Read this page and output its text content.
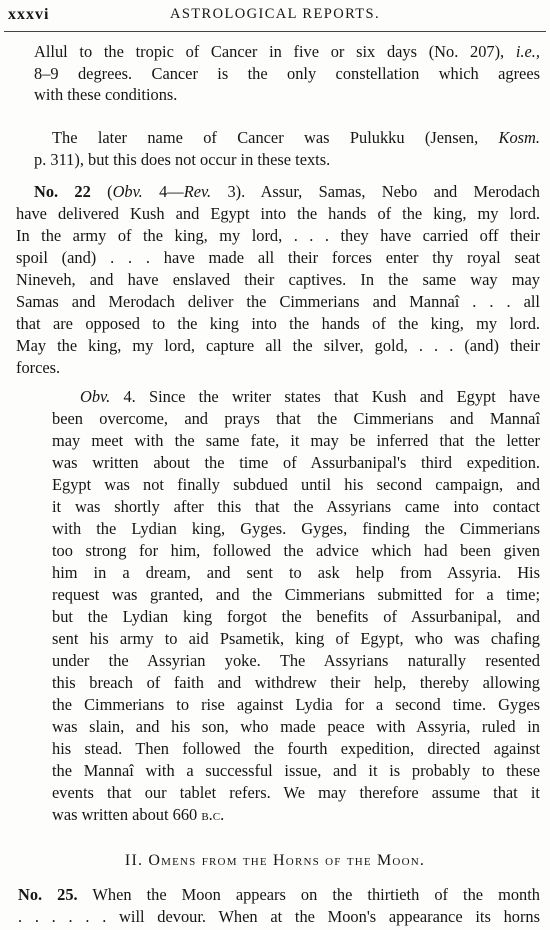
xxxvi	ASTROLOGICAL REPORTS.
Allul to the tropic of Cancer in five or six days (No. 207), i.e.,
8–9 degrees. Cancer is the only constellation which agrees
with these conditions.
The later name of Cancer was Pulukku (Jensen, Kosm.
p. 311), but this does not occur in these texts.
No. 22 (Obv. 4—Rev. 3). Assur, Samas, Nebo and Merodach
have delivered Kush and Egypt into the hands of the king, my lord.
In the army of the king, my lord, . . . they have carried off their
spoil (and) . . . have made all their forces enter thy royal seat
Nineveh, and have enslaved their captives. In the same way may
Samas and Merodach deliver the Cimmerians and Mannaî . . . all
that are opposed to the king into the hands of the king, my lord.
May the king, my lord, capture all the silver, gold, . . . (and) their
forces.
Obv. 4. Since the writer states that Kush and Egypt have
been overcome, and prays that the Cimmerians and Mannaî
may meet with the same fate, it may be inferred that the letter
was written about the time of Assurbanipal's third expedition.
Egypt was not finally subdued until his second campaign, and
it was shortly after this that the Assyrians came into contact
with the Lydian king, Gyges. Gyges, finding the Cimmerians
too strong for him, followed the advice which had been given
him in a dream, and sent to ask help from Assyria. His
request was granted, and the Cimmerians submitted for a time;
but the Lydian king forgot the benefits of Assurbanipal, and
sent his army to aid Psametik, king of Egypt, who was chafing
under the Assyrian yoke. The Assyrians naturally resented
this breach of faith and withdrew their help, thereby allowing
the Cimmerians to rise against Lydia for a second time. Gyges
was slain, and his son, who made peace with Assyria, ruled in
his stead. Then followed the fourth expedition, directed against
the Mannaî with a successful issue, and it is probably to these
events that our tablet refers. We may therefore assume that it
was written about 660 b.c.
II. Omens from the Horns of the Moon.
No. 25. When the Moon appears on the thirtieth of the month
. . . . . . will devour. When at the Moon's appearance its horns
